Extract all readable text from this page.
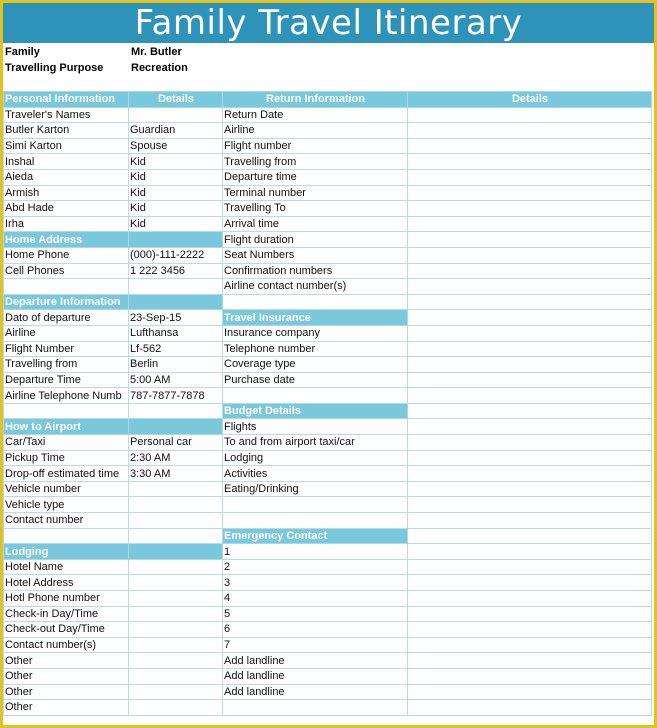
Family Travel Itinerary
Family	Mr. Butler
Travelling Purpose	Recreation
Personal Information	Details	Return Information	Details
Traveler's Names		Return Date	
Butler Karton	Guardian	Airline	
Simi Karton	Spouse	Flight number	
Inshal	Kid	Travelling from	
Aieda	Kid	Departure time	
Armish	Kid	Terminal number	
Abd Hade	Kid	Travelling To	
Irha	Kid	Arrival time	
Home Address		Flight duration	
Home Phone	(000)-111-2222	Seat Numbers	
Cell Phones	1 222 3456	Confirmation numbers	
		Airline contact number(s)	
Departure Information			
Dato of departure	23-Sep-15	Travel Insurance	
Airline	Lufthansa	Insurance company	
Flight Number	Lf-562	Telephone number	
Travelling from	Berlin	Coverage type	
Departure Time	5:00 AM	Purchase date	
Airline Telephone Numb	787-7877-7878		
		Budget Details	
How to Airport		Flights	
Car/Taxi	Personal car	To and from airport taxi/car	
Pickup Time	2:30 AM	Lodging	
Drop-off estimated time	3:30 AM	Activities	
Vehicle number		Eating/Drinking	
Vehicle type			
Contact number			
		Emergency Contact	
Lodging		1	
Hotel Name		2	
Hotel Address		3	
Hotl Phone number		4	
Check-in Day/Time		5	
Check-out Day/Time		6	
Contact number(s)		7	
Other		Add landline	
Other		Add landline	
Other		Add landline	
Other			
